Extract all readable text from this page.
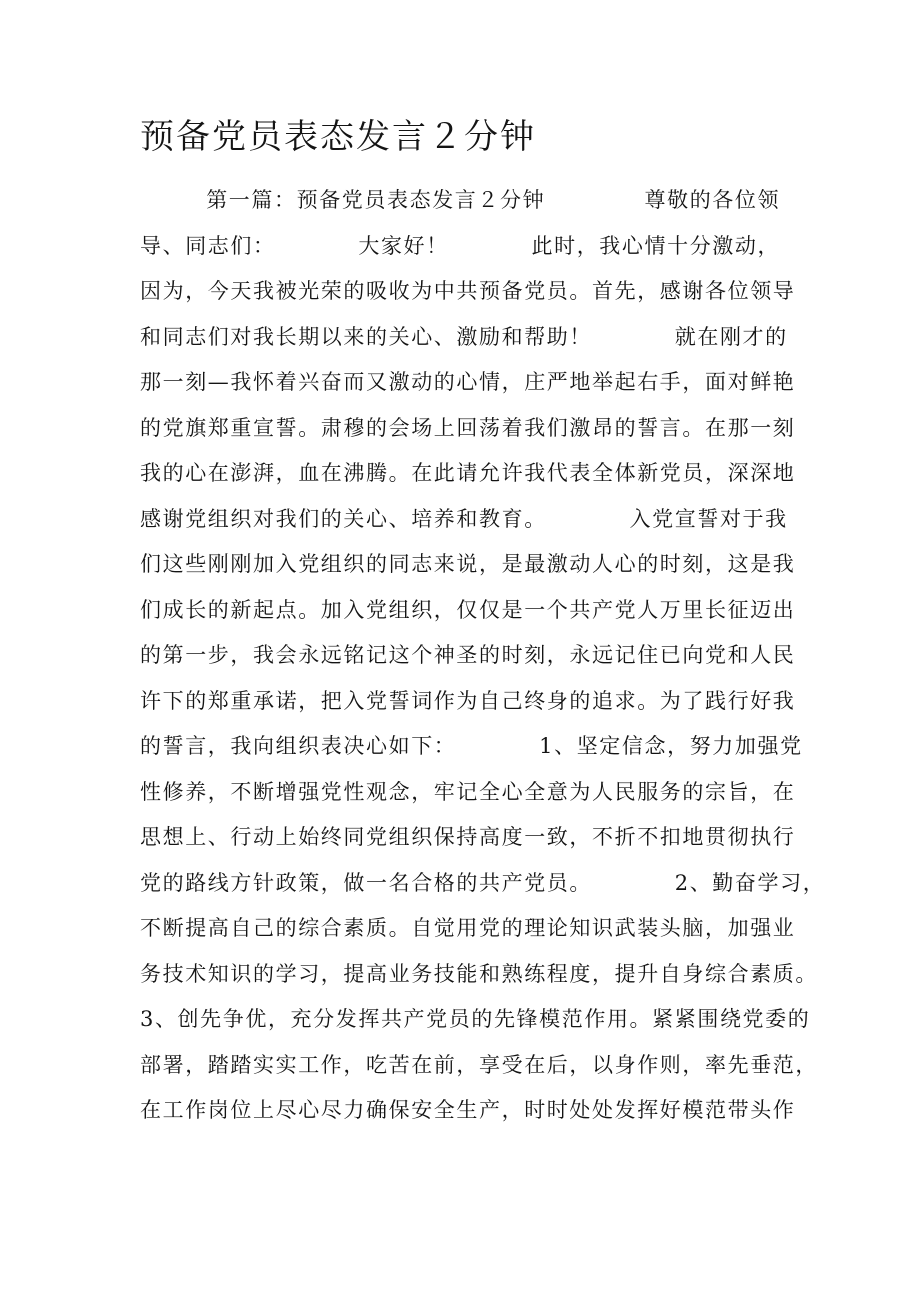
预备党员表态发言２分钟
第一篇：预备党员表态发言２分钟            尊敬的各位领
导、同志们：          大家好！          此时，我心情十分激动，
因为，今天我被光荣的吸收为中共预备党员。首先，感谢各位领导
和同志们对我长期以来的关心、激励和帮助！          就在刚才的
那一刻—我怀着兴奋而又激动的心情，庄严地举起右手，面对鲜艳
的党旗郑重宣誓。肃穆的会场上回荡着我们激昂的誓言。在那一刻
我的心在澎湃，血在沸腾。在此请允许我代表全体新党员，深深地
感谢党组织对我们的关心、培养和教育。          入党宣誓对于我
们这些刚刚加入党组织的同志来说，是最激动人心的时刻，这是我
们成长的新起点。加入党组织，仅仅是一个共产党人万里长征迈出
的第一步，我会永远铭记这个神圣的时刻，永远记住已向党和人民
许下的郑重承诺，把入党誓词作为自己终身的追求。为了践行好我
的誓言，我向组织表决心如下：          1、坚定信念，努力加强党
性修养，不断增强党性观念，牢记全心全意为人民服务的宗旨，在
思想上、行动上始终同党组织保持高度一致，不折不扣地贯彻执行
党的路线方针政策，做一名合格的共产党员。          2、勤奋学习，
不断提高自己的综合素质。自觉用党的理论知识武装头脑，加强业
务技术知识的学习，提高业务技能和熟练程度，提升自身综合素质。
3、创先争优，充分发挥共产党员的先锋模范作用。紧紧围绕党委的
部署，踏踏实实工作，吃苦在前，享受在后，以身作则，率先垂范，
在工作岗位上尽心尽力确保安全生产，时时处处发挥好模范带头作
